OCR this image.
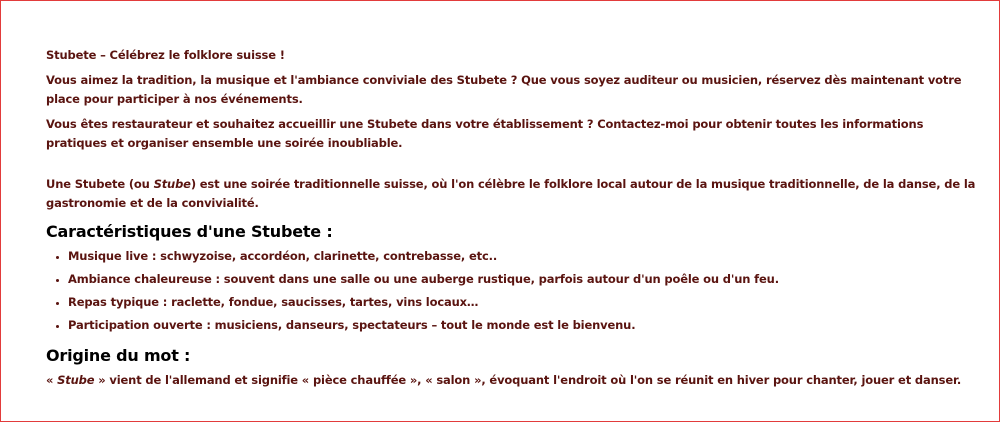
Stubete – Célébrez le folklore suisse !

Vous aimez la tradition, la musique et l'ambiance conviviale des Stubete ? Que vous soyez auditeur ou musicien, réservez dès maintenant votre place pour participer à nos événements.

Vous êtes restaurateur et souhaitez accueillir une Stubete dans votre établissement ? Contactez-moi pour obtenir toutes les informations pratiques et organiser ensemble une soirée inoubliable.

Une Stubete (ou Stube) est une soirée traditionnelle suisse, où l'on célèbre le folklore local autour de la musique traditionnelle, de la danse, de la gastronomie et de la convivialité.

Caractéristiques d'une Stubete :
• Musique live : schwyzoise, accordéon, clarinette, contrebasse, etc..
• Ambiance chaleureuse : souvent dans une salle ou une auberge rustique, parfois autour d'un poêle ou d'un feu.
• Repas typique : raclette, fondue, saucisses, tartes, vins locaux…
• Participation ouverte : musiciens, danseurs, spectateurs – tout le monde est le bienvenu.
Origine du mot :

« Stube » vient de l'allemand et signifie « pièce chauffée », « salon », évoquant l'endroit où l'on se réunit en hiver pour chanter, jouer et danser.
